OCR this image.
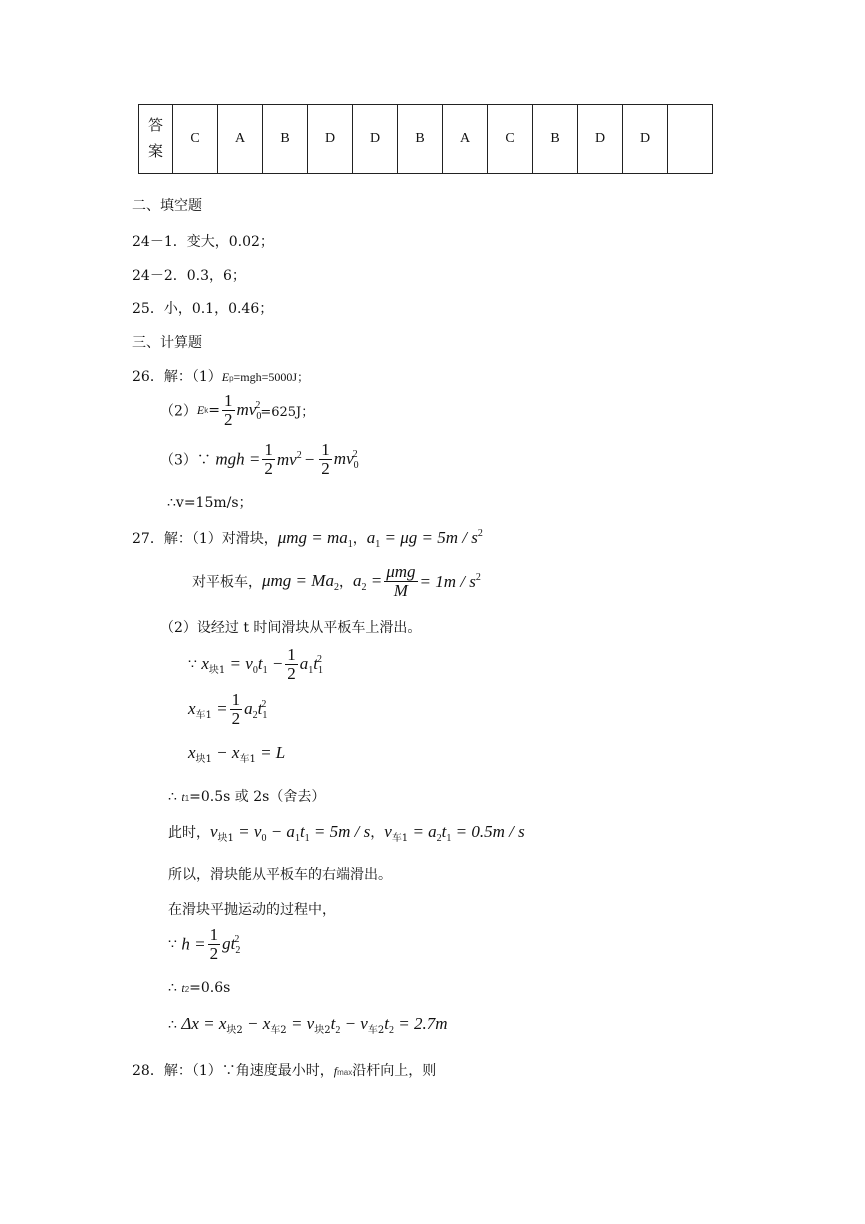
答
案
	C	A	B	D	D	B	A	C	B	D	D	
二、填空题
24－1．变大，0.02；
24－2．0.3，6；
25．小，0.1，0.46；
三、计算题
26．解：（1）Ep=mgh=5000J；
$(2)Ek= \frac{1}{2} mv_0^2=625J$；
（3）∵ mgh = $\frac{1}{2} mv^2 - \frac{1}{2} mv_0^2$
∴v=15m/s；
27．解：（1）对滑块，$\mu mg = ma_1$，$a_1 = \mu g = 5m / s^2$
对平板车，$\mu mg = Ma_2$，$a_2 = \frac{\text{μmg}}{M} = 1m / s^2$
（2）设经过 t 时间滑块从平板车上滑出。
∵ $x_{块1} = v_0t_1 - \frac{1}{2} a_1t_1^2$
$x_{车1} = \frac{1}{2} a_2t_1^2$
$x_{块1} - x_{车1} = L$
∴ t1=0.5s 或 2s（舍去）
此时，$v_{块1} = v_0 - a_1t_1 = 5m / s$，$v_{车1} = a_2t_1 = 0.5m / s$
所以，滑块能从平板车的右端滑出。
在滑块平抛运动的过程中，
∵ $h = \frac{1}{2} gt_2^2$
∴ t2=0.6s
∴ $\Delta x = x_{块2} - x_{车2} = v_{块2}t_2 - v_{车2}t_2 = 2.7m$
28．解：（1）∵角速度最小时，fmax沿杆向上，则
